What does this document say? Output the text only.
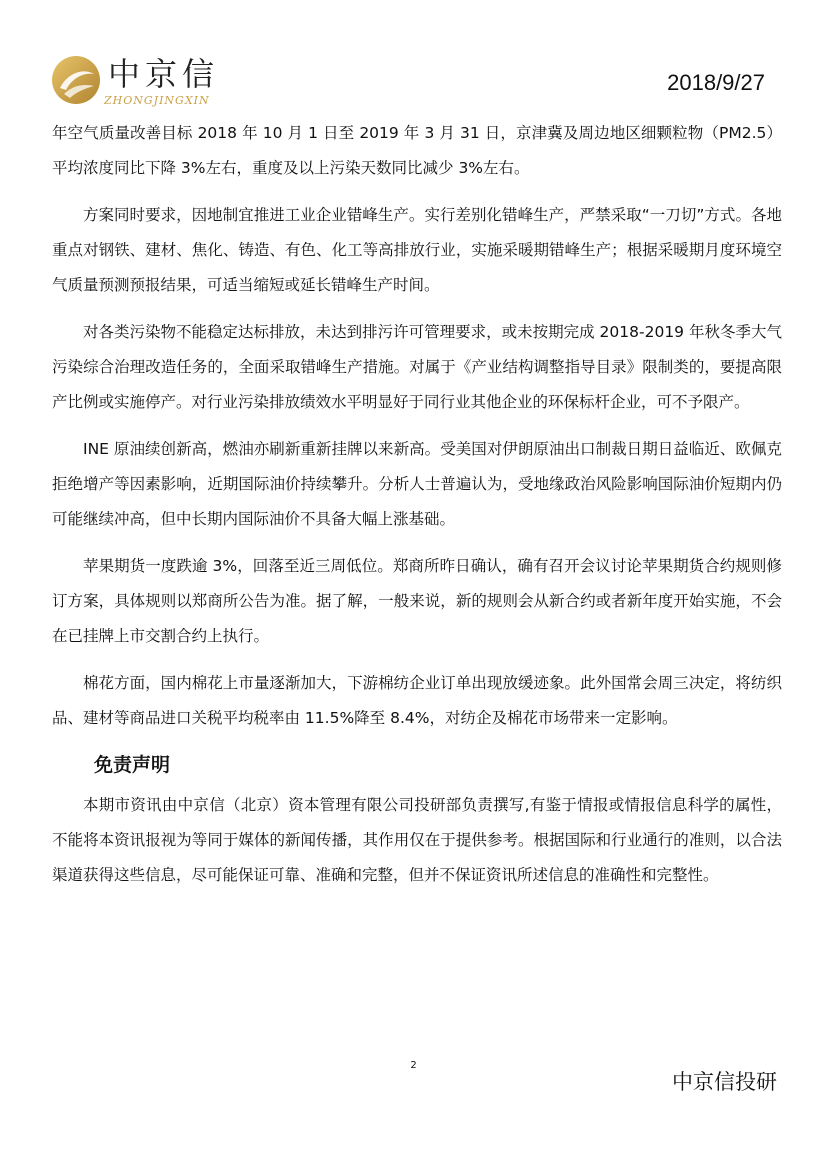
中京信
ZHONGJINGXIN
2018/9/27

年空气质量改善目标 2018 年 10 月 1 日至 2019 年 3 月 31 日，京津冀及周边地区细颗粒物（PM2.5）平均浓度同比下降 3%左右，重度及以上污染天数同比减少 3%左右。

方案同时要求，因地制宜推进工业企业错峰生产。实行差别化错峰生产，严禁采取“一刀切”方式。各地重点对钢铁、建材、焦化、铸造、有色、化工等高排放行业，实施采暖期错峰生产；根据采暖期月度环境空气质量预测预报结果，可适当缩短或延长错峰生产时间。

对各类污染物不能稳定达标排放，未达到排污许可管理要求，或未按期完成 2018-2019 年秋冬季大气污染综合治理改造任务的，全面采取错峰生产措施。对属于《产业结构调整指导目录》限制类的，要提高限产比例或实施停产。对行业污染排放绩效水平明显好于同行业其他企业的环保标杆企业，可不予限产。

INE 原油续创新高，燃油亦刷新重新挂牌以来新高。受美国对伊朗原油出口制裁日期日益临近、欧佩克拒绝增产等因素影响，近期国际油价持续攀升。分析人士普遍认为，受地缘政治风险影响国际油价短期内仍可能继续冲高，但中长期内国际油价不具备大幅上涨基础。

苹果期货一度跌逾 3%，回落至近三周低位。郑商所昨日确认，确有召开会议讨论苹果期货合约规则修订方案，具体规则以郑商所公告为准。据了解，一般来说，新的规则会从新合约或者新年度开始实施，不会在已挂牌上市交割合约上执行。

棉花方面，国内棉花上市量逐渐加大，下游棉纺企业订单出现放缓迹象。此外国常会周三决定，将纺织品、建材等商品进口关税平均税率由 11.5%降至 8.4%，对纺企及棉花市场带来一定影响。

免责声明

本期市资讯由中京信（北京）资本管理有限公司投研部负责撰写,有鉴于情报或情报信息科学的属性，不能将本资讯报视为等同于媒体的新闻传播，其作用仅在于提供参考。根据国际和行业通行的准则，以合法渠道获得这些信息，尽可能保证可靠、准确和完整，但并不保证资讯所述信息的准确性和完整性。

2
中京信投研
